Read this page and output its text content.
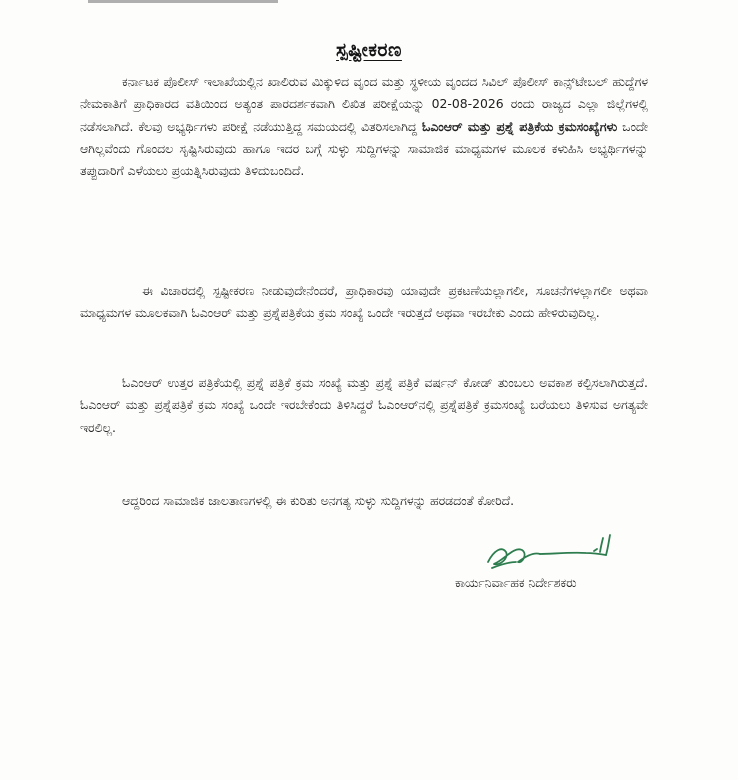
ಸ್ಪಷ್ಟೀಕರಣ

ಕರ್ನಾಟಕ ಪೊಲೀಸ್ ಇಲಾಖೆಯಲ್ಲಿನ ಖಾಲಿರುವ ಮಿಕ್ಕುಳಿದ ವೃಂದ ಮತ್ತು ಸ್ಥಳೀಯ ವೃಂದದ ಸಿವಿಲ್ ಪೊಲೀಸ್ ಕಾನ್ಸ್‌ಟೇಬಲ್ ಹುದ್ದೆಗಳ ನೇಮಕಾತಿಗೆ ಪ್ರಾಧಿಕಾರದ ವತಿಯಿಂದ ಅತ್ಯಂತ ಪಾರದರ್ಶಕವಾಗಿ ಲಿಖಿತ ಪರೀಕ್ಷೆಯನ್ನು 02-08-2026 ರಂದು ರಾಜ್ಯದ ಎಲ್ಲಾ ಜಿಲ್ಲೆಗಳಲ್ಲಿ ನಡೆಸಲಾಗಿದೆ. ಕೆಲವು ಅಭ್ಯರ್ಥಿಗಳು ಪರೀಕ್ಷೆ ನಡೆಯುತ್ತಿದ್ದ ಸಮಯದಲ್ಲಿ ವಿತರಿಸಲಾಗಿದ್ದ ಓಎಂಆರ್ ಮತ್ತು ಪ್ರಶ್ನೆ ಪತ್ರಿಕೆಯ ಕ್ರಮಸಂಖ್ಯೆಗಳು ಒಂದೇ ಆಗಿಲ್ಲವೆಂದು ಗೊಂದಲ ಸೃಷ್ಟಿಸಿರುವುದು ಹಾಗೂ ಇದರ ಬಗ್ಗೆ ಸುಳ್ಳು ಸುದ್ದಿಗಳನ್ನು ಸಾಮಾಜಿಕ ಮಾಧ್ಯಮಗಳ ಮೂಲಕ ಕಳುಹಿಸಿ ಅಭ್ಯರ್ಥಿಗಳನ್ನು ತಪ್ಪುದಾರಿಗೆ ಎಳೆಯಲು ಪ್ರಯತ್ನಿಸಿರುವುದು ತಿಳಿದುಬಂದಿದೆ.

ಈ ವಿಚಾರದಲ್ಲಿ ಸ್ಪಷ್ಟೀಕರಣ ನೀಡುವುದೇನೆಂದರೆ, ಪ್ರಾಧಿಕಾರವು ಯಾವುದೇ ಪ್ರಕಟಣೆಯಲ್ಲಾಗಲೀ, ಸೂಚನೆಗಳಲ್ಲಾಗಲೀ ಅಥವಾ ಮಾಧ್ಯಮಗಳ ಮೂಲಕವಾಗಿ ಓಎಂಆರ್ ಮತ್ತು ಪ್ರಶ್ನೆಪತ್ರಿಕೆಯ ಕ್ರಮ ಸಂಖ್ಯೆ ಒಂದೇ ಇರುತ್ತದೆ ಅಥವಾ ಇರಬೇಕು ಎಂದು ಹೇಳಿರುವುದಿಲ್ಲ.

ಓಎಂಆರ್ ಉತ್ತರ ಪತ್ರಿಕೆಯಲ್ಲಿ ಪ್ರಶ್ನೆ ಪತ್ರಿಕೆ ಕ್ರಮ ಸಂಖ್ಯೆ ಮತ್ತು ಪ್ರಶ್ನೆ ಪತ್ರಿಕೆ ವರ್ಷನ್ ಕೋಡ್ ತುಂಬಲು ಅವಕಾಶ ಕಲ್ಪಿಸಲಾಗಿರುತ್ತದೆ. ಓಎಂಆರ್ ಮತ್ತು ಪ್ರಶ್ನೆಪತ್ರಿಕೆ ಕ್ರಮ ಸಂಖ್ಯೆ ಒಂದೇ ಇರಬೇಕೆಂದು ತಿಳಿಸಿದ್ದರೆ ಓಎಂಆರ್‌ನಲ್ಲಿ ಪ್ರಶ್ನೆಪತ್ರಿಕೆ ಕ್ರಮಸಂಖ್ಯೆ ಬರೆಯಲು ತಿಳಿಸುವ ಅಗತ್ಯವೇ ಇರಲಿಲ್ಲ.

ಆದ್ದರಿಂದ ಸಾಮಾಜಿಕ ಜಾಲತಾಣಗಳಲ್ಲಿ ಈ ಕುರಿತು ಅನಗತ್ಯ ಸುಳ್ಳು ಸುದ್ದಿಗಳನ್ನು ಹರಡದಂತೆ ಕೋರಿದೆ.

ಕಾರ್ಯನಿರ್ವಾಹಕ ನಿರ್ದೇಶಕರು
